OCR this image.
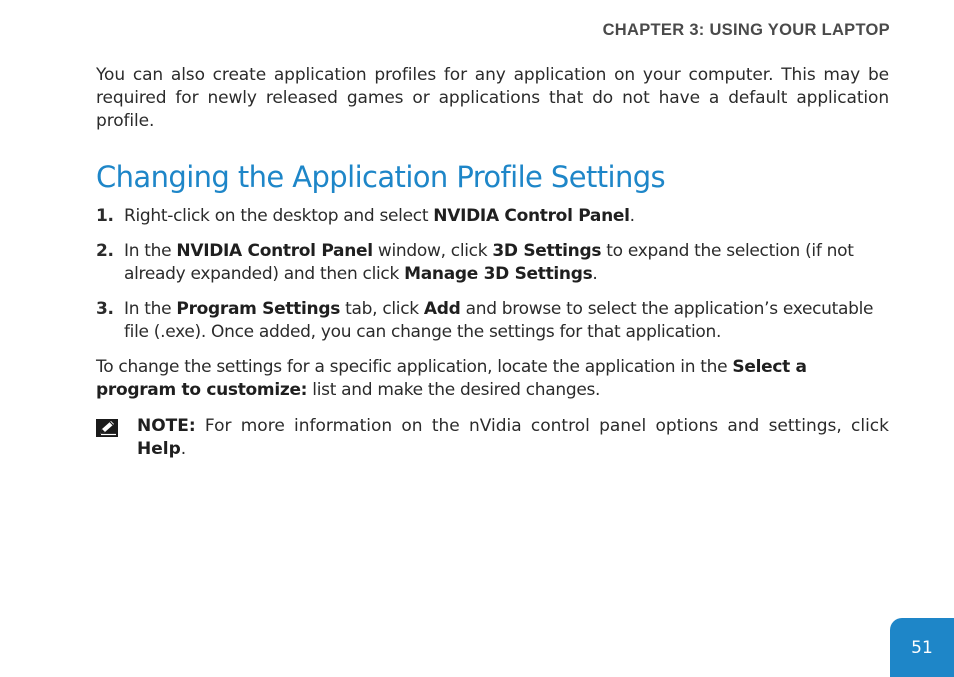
CHAPTER 3: USING YOUR LAPTOP

You can also create application profiles for any application on your computer. This may be required for newly released games or applications that do not have a default application profile.

Changing the Application Profile Settings
1. Right-click on the desktop and select NVIDIA Control Panel.
2. In the NVIDIA Control Panel window, click 3D Settings to expand the selection (if not already expanded) and then click Manage 3D Settings.
3. In the Program Settings tab, click Add and browse to select the application’s executable file (.exe). Once added, you can change the settings for that application.

To change the settings for a specific application, locate the application in the Select a program to customize: list and make the desired changes.

NOTE: For more information on the nVidia control panel options and settings, click Help.
51
